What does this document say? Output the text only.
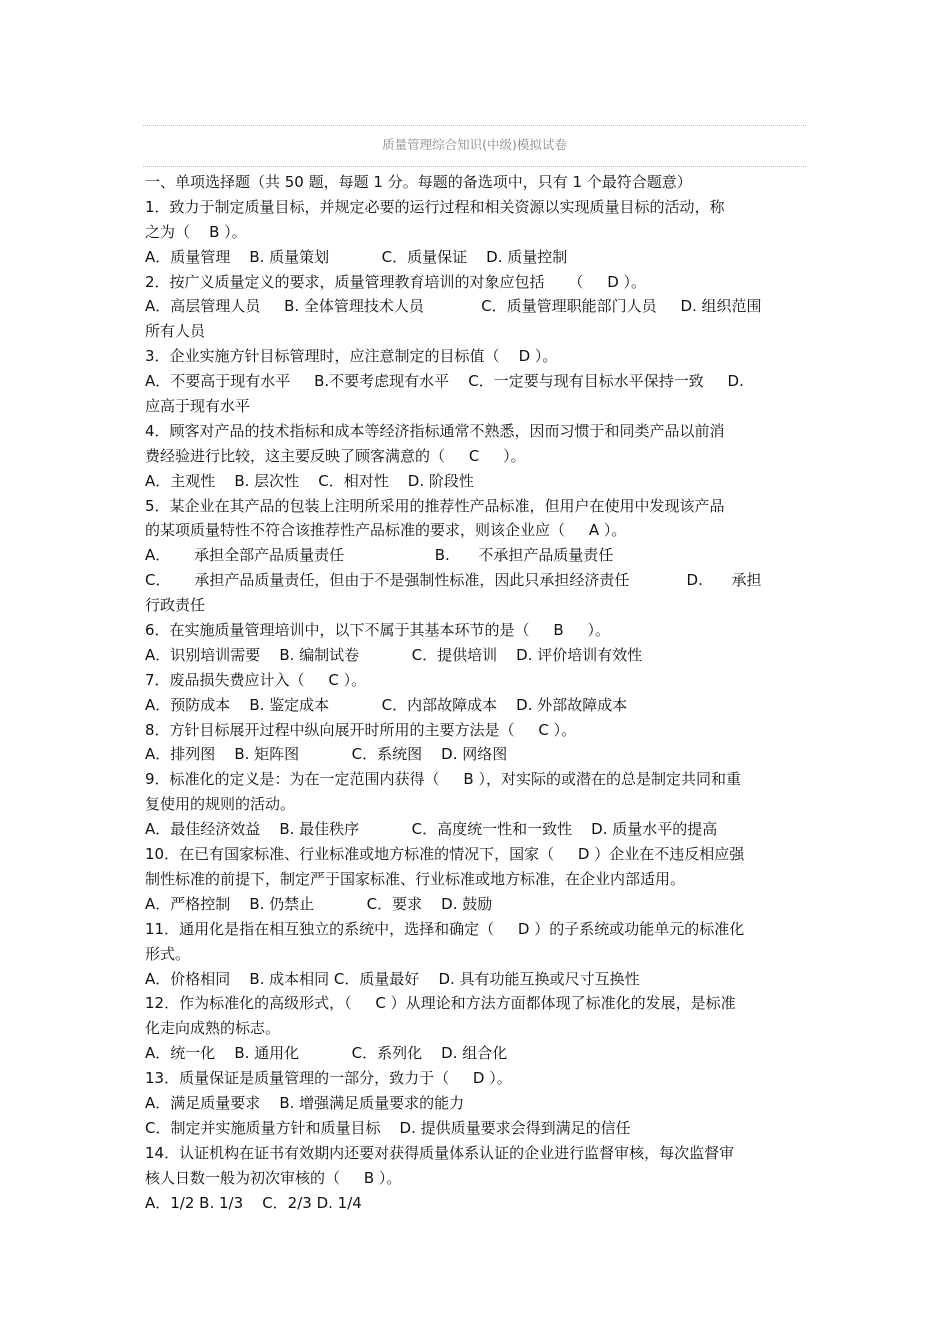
质量管理综合知识(中级)模拟试卷
一、单项选择题（共 50 题，每题 1 分。每题的备选项中，只有 1 个最符合题意）
1．致力于制定质量目标，并规定必要的运行过程和相关资源以实现质量目标的活动，称
之为（    B ）。
A．质量管理    B. 质量策划           C．质量保证    D. 质量控制
2．按广义质量定义的要求，质量管理教育培训的对象应包括     （     D ）。
A．高层管理人员     B. 全体管理技术人员            C．质量管理职能部门人员     D. 组织范围
所有人员
3．企业实施方针目标管理时，应注意制定的目标值（    D ）。
A．不要高于现有水平     B.不要考虑现有水平    C．一定要与现有目标水平保持一致     D.
应高于现有水平
4．顾客对产品的技术指标和成本等经济指标通常不熟悉，因而习惯于和同类产品以前消
费经验进行比较，这主要反映了顾客满意的（     C     ）。
A．主观性    B. 层次性    C．相对性    D. 阶段性
5．某企业在其产品的包装上注明所采用的推荐性产品标准，但用户在使用中发现该产品
的某项质量特性不符合该推荐性产品标准的要求，则该企业应（     A ）。
A．     承担全部产品质量责任                   B.      不承担产品质量责任
C．     承担产品质量责任，但由于不是强制性标准，因此只承担经济责任            D.      承担
行政责任
6．在实施质量管理培训中，以下不属于其基本环节的是（     B     ）。
A．识别培训需要    B. 编制试卷           C．提供培训    D. 评价培训有效性
7．废品损失费应计入（     C ）。
A．预防成本    B. 鉴定成本           C．内部故障成本    D. 外部故障成本
8．方针目标展开过程中纵向展开时所用的主要方法是（     C ）。
A．排列图    B. 矩阵图           C．系统图    D. 网络图
9．标准化的定义是：为在一定范围内获得（     B ），对实际的或潜在的总是制定共同和重
复使用的规则的活动。
A．最佳经济效益    B. 最佳秩序           C．高度统一性和一致性    D. 质量水平的提高
10．在已有国家标准、行业标准或地方标准的情况下，国家（     D ）企业在不违反相应强
制性标准的前提下，制定严于国家标准、行业标准或地方标准，在企业内部适用。
A．严格控制    B. 仍禁止           C．要求    D. 鼓励
11．通用化是指在相互独立的系统中，选择和确定（     D ）的子系统或功能单元的标准化
形式。
A．价格相同    B. 成本相同 C．质量最好    D. 具有功能互换或尺寸互换性
12．作为标准化的高级形式，（     C ）从理论和方法方面都体现了标准化的发展，是标准
化走向成熟的标志。
A．统一化    B. 通用化           C．系列化    D. 组合化
13．质量保证是质量管理的一部分，致力于（     D ）。
A．满足质量要求    B. 增强满足质量要求的能力
C．制定并实施质量方针和质量目标    D. 提供质量要求会得到满足的信任
14．认证机构在证书有效期内还要对获得质量体系认证的企业进行监督审核，每次监督审
核人日数一般为初次审核的（     B ）。
A．1/2 B. 1/3    C．2/3 D. 1/4
